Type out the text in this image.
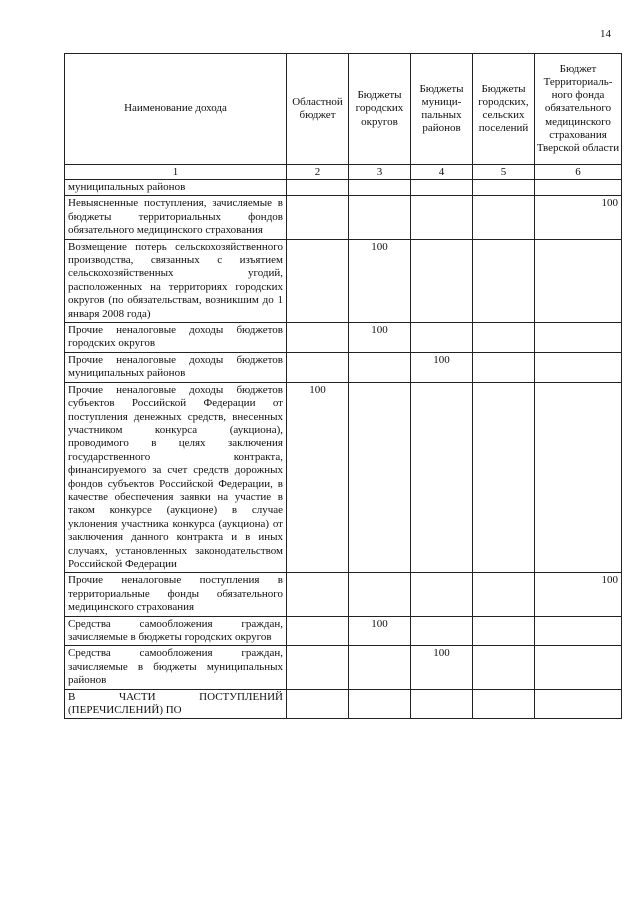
14
Наименование дохода	Областной бюджет	Бюджеты городских округов	Бюджеты муници-пальных районов	Бюджеты городских, сельских поселений	Бюджет Территориаль-ного фонда обязательного медицинского страхования Тверской области
1	2	3	4	5	6
муниципальных районов					
Невыясненные поступления, зачисляемые в бюджеты территориальных фондов обязательного медицинского страхования					100
Возмещение потерь сельскохозяйственного производства, связанных с изъятием сельскохозяйственных угодий, расположенных на территориях городских округов (по обязательствам, возникшим до 1 января 2008 года)		100			
Прочие неналоговые доходы бюджетов городских округов		100			
Прочие неналоговые доходы бюджетов муниципальных районов			100		
Прочие неналоговые доходы бюджетов субъектов Российской Федерации от поступления денежных средств, внесенных участником конкурса (аукциона), проводимого в целях заключения государственного контракта, финансируемого за счет средств дорожных фондов субъектов Российской Федерации, в качестве обеспечения заявки на участие в таком конкурсе (аукционе) в случае уклонения участника конкурса (аукциона) от заключения данного контракта и в иных случаях, установленных законодательством Российской Федерации	100				
Прочие неналоговые поступления в территориальные фонды обязательного медицинского страхования					100
Средства самообложения граждан, зачисляемые в бюджеты городских округов		100			
Средства самообложения граждан, зачисляемые в бюджеты муниципальных районов			100		
В ЧАСТИ ПОСТУПЛЕНИЙ (ПЕРЕЧИСЛЕНИЙ) ПО					
